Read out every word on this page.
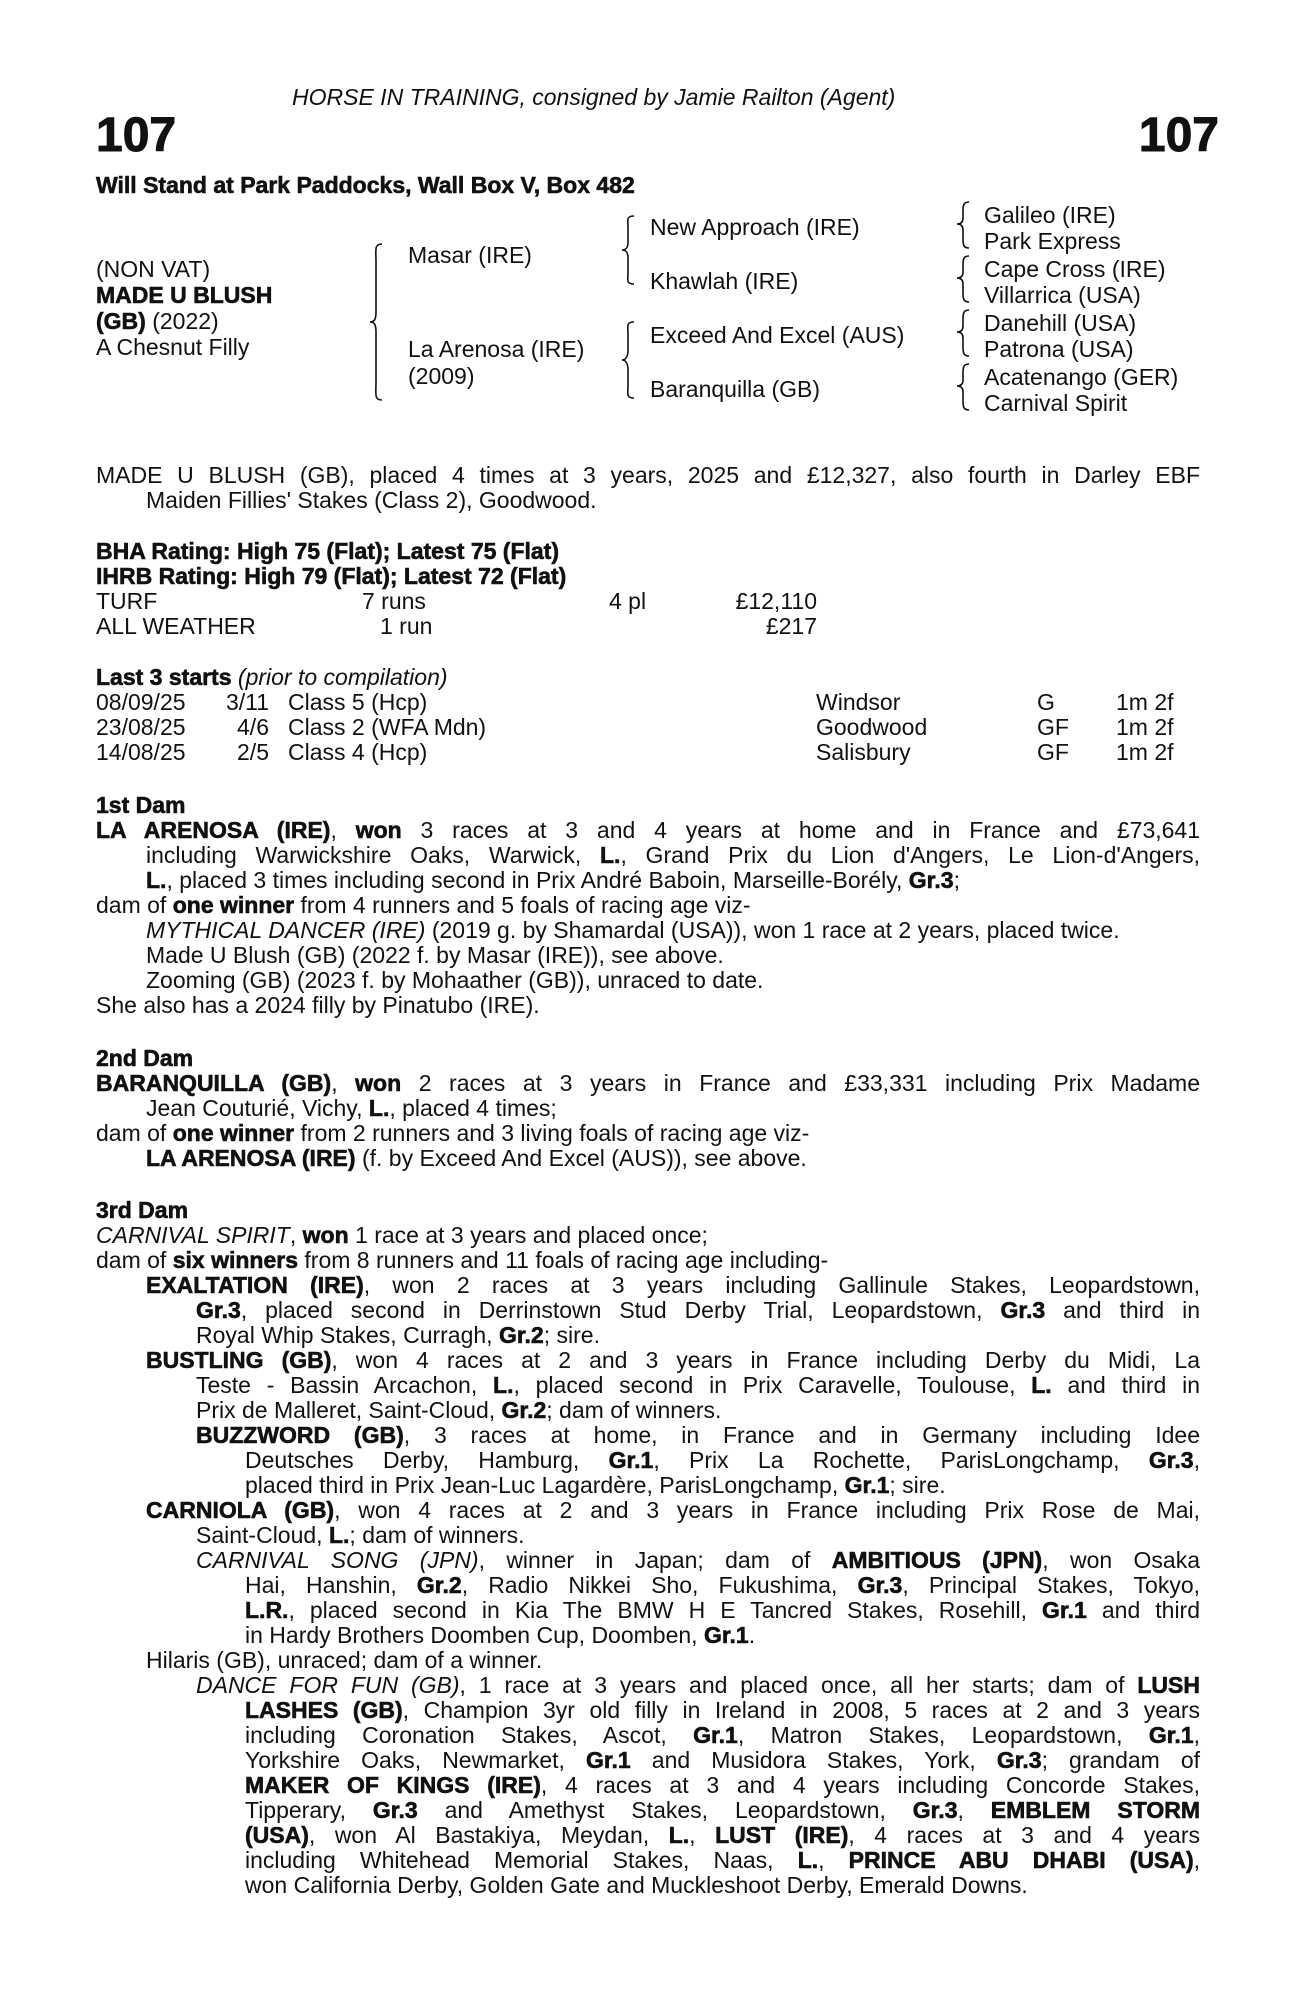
HORSE IN TRAINING, consigned by Jamie Railton (Agent)
107	107
Will Stand at Park Paddocks, Wall Box V, Box 482
(NON VAT)
MADE U BLUSH
(GB) (2022)
A Chesnut Filly
Masar (IRE)
La Arenosa (IRE)
(2009)
New Approach (IRE)
Khawlah (IRE)
Exceed And Excel (AUS)
Baranquilla (GB)
Galileo (IRE)
Park Express
Cape Cross (IRE)
Villarrica (USA)
Danehill (USA)
Patrona (USA)
Acatenango (GER)
Carnival Spirit
MADE U BLUSH (GB), placed 4 times at 3 years, 2025 and £12,327, also fourth in Darley EBF
Maiden Fillies' Stakes (Class 2), Goodwood.
BHA Rating: High 75 (Flat); Latest 75 (Flat)
IHRB Rating: High 79 (Flat); Latest 72 (Flat)
TURF	7 runs	4 pl	£12,110
ALL WEATHER	1 run	£217
Last 3 starts (prior to compilation)
08/09/25 3/11 Class 5 (Hcp)	Windsor	G	1m 2f
23/08/25 4/6 Class 2 (WFA Mdn)	Goodwood	GF 1m 2f
14/08/25 2/5 Class 4 (Hcp)	Salisbury	GF 1m 2f
1st Dam
LA ARENOSA (IRE), won 3 races at 3 and 4 years at home and in France and £73,641
including Warwickshire Oaks, Warwick, L., Grand Prix du Lion d'Angers, Le Lion-d'Angers,
L., placed 3 times including second in Prix André Baboin, Marseille-Borély, Gr.3;
dam of one winner from 4 runners and 5 foals of racing age viz-
MYTHICAL DANCER (IRE) (2019 g. by Shamardal (USA)), won 1 race at 2 years, placed twice.
Made U Blush (GB) (2022 f. by Masar (IRE)), see above.
Zooming (GB) (2023 f. by Mohaather (GB)), unraced to date.
She also has a 2024 filly by Pinatubo (IRE).
2nd Dam
BARANQUILLA (GB), won 2 races at 3 years in France and £33,331 including Prix Madame
Jean Couturié, Vichy, L., placed 4 times;
dam of one winner from 2 runners and 3 living foals of racing age viz-
LA ARENOSA (IRE) (f. by Exceed And Excel (AUS)), see above.
3rd Dam
CARNIVAL SPIRIT, won 1 race at 3 years and placed once;
dam of six winners from 8 runners and 11 foals of racing age including-
EXALTATION (IRE), won 2 races at 3 years including Gallinule Stakes, Leopardstown,
Gr.3, placed second in Derrinstown Stud Derby Trial, Leopardstown, Gr.3 and third in
Royal Whip Stakes, Curragh, Gr.2; sire.
BUSTLING (GB), won 4 races at 2 and 3 years in France including Derby du Midi, La
Teste - Bassin Arcachon, L., placed second in Prix Caravelle, Toulouse, L. and third in
Prix de Malleret, Saint-Cloud, Gr.2; dam of winners.
BUZZWORD (GB), 3 races at home, in France and in Germany including Idee
Deutsches Derby, Hamburg, Gr.1, Prix La Rochette, ParisLongchamp, Gr.3,
placed third in Prix Jean-Luc Lagardère, ParisLongchamp, Gr.1; sire.
CARNIOLA (GB), won 4 races at 2 and 3 years in France including Prix Rose de Mai,
Saint-Cloud, L.; dam of winners.
CARNIVAL SONG (JPN), winner in Japan; dam of AMBITIOUS (JPN), won Osaka
Hai, Hanshin, Gr.2, Radio Nikkei Sho, Fukushima, Gr.3, Principal Stakes, Tokyo,
L.R., placed second in Kia The BMW H E Tancred Stakes, Rosehill, Gr.1 and third
in Hardy Brothers Doomben Cup, Doomben, Gr.1.
Hilaris (GB), unraced; dam of a winner.
DANCE FOR FUN (GB), 1 race at 3 years and placed once, all her starts; dam of LUSH
LASHES (GB), Champion 3yr old filly in Ireland in 2008, 5 races at 2 and 3 years
including Coronation Stakes, Ascot, Gr.1, Matron Stakes, Leopardstown, Gr.1,
Yorkshire Oaks, Newmarket, Gr.1 and Musidora Stakes, York, Gr.3; grandam of
MAKER OF KINGS (IRE), 4 races at 3 and 4 years including Concorde Stakes,
Tipperary, Gr.3 and Amethyst Stakes, Leopardstown, Gr.3, EMBLEM STORM
(USA), won Al Bastakiya, Meydan, L., LUST (IRE), 4 races at 3 and 4 years
including Whitehead Memorial Stakes, Naas, L., PRINCE ABU DHABI (USA),
won California Derby, Golden Gate and Muckleshoot Derby, Emerald Downs.
